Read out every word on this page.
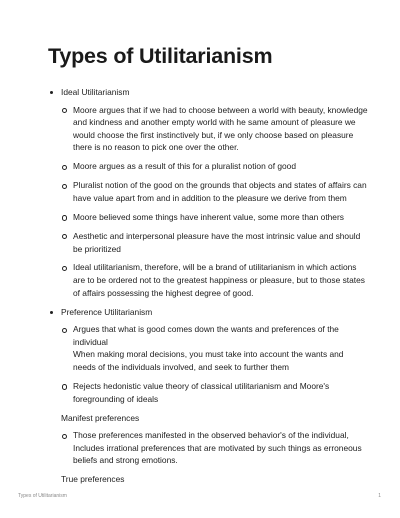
Types of Utilitarianism
Ideal Utilitarianism
Moore argues that if we had to choose between a world with beauty, knowledge and kindness and another empty world with he same amount of pleasure we would choose the first instinctively but, if we only choose based on pleasure there is no reason to pick one over the other.
Moore argues as a result of this for a pluralist notion of good
Pluralist notion of the good on the grounds that objects and states of affairs can have value apart from and in addition to the pleasure we derive from them
Moore believed some things have inherent value, some more than others
Aesthetic and interpersonal pleasure have the most intrinsic value and should be prioritized
Ideal utilitarianism, therefore, will be a brand of utilitarianism in which actions are to be ordered not to the greatest happiness or pleasure, but to those states of affairs possessing the highest degree of good.
Preference Utilitarianism
Argues that what is good comes down the wants and preferences of the individual
When making moral decisions, you must take into account the wants and needs of the individuals involved, and seek to further them
Rejects hedonistic value theory of classical utilitarianism and Moore's foregrounding of ideals
Manifest preferences
Those preferences manifested in the observed behavior's of the individual, Includes irrational preferences that are motivated by such things as erroneous beliefs and strong emotions.
True preferences
Types of Utilitarianism	1
